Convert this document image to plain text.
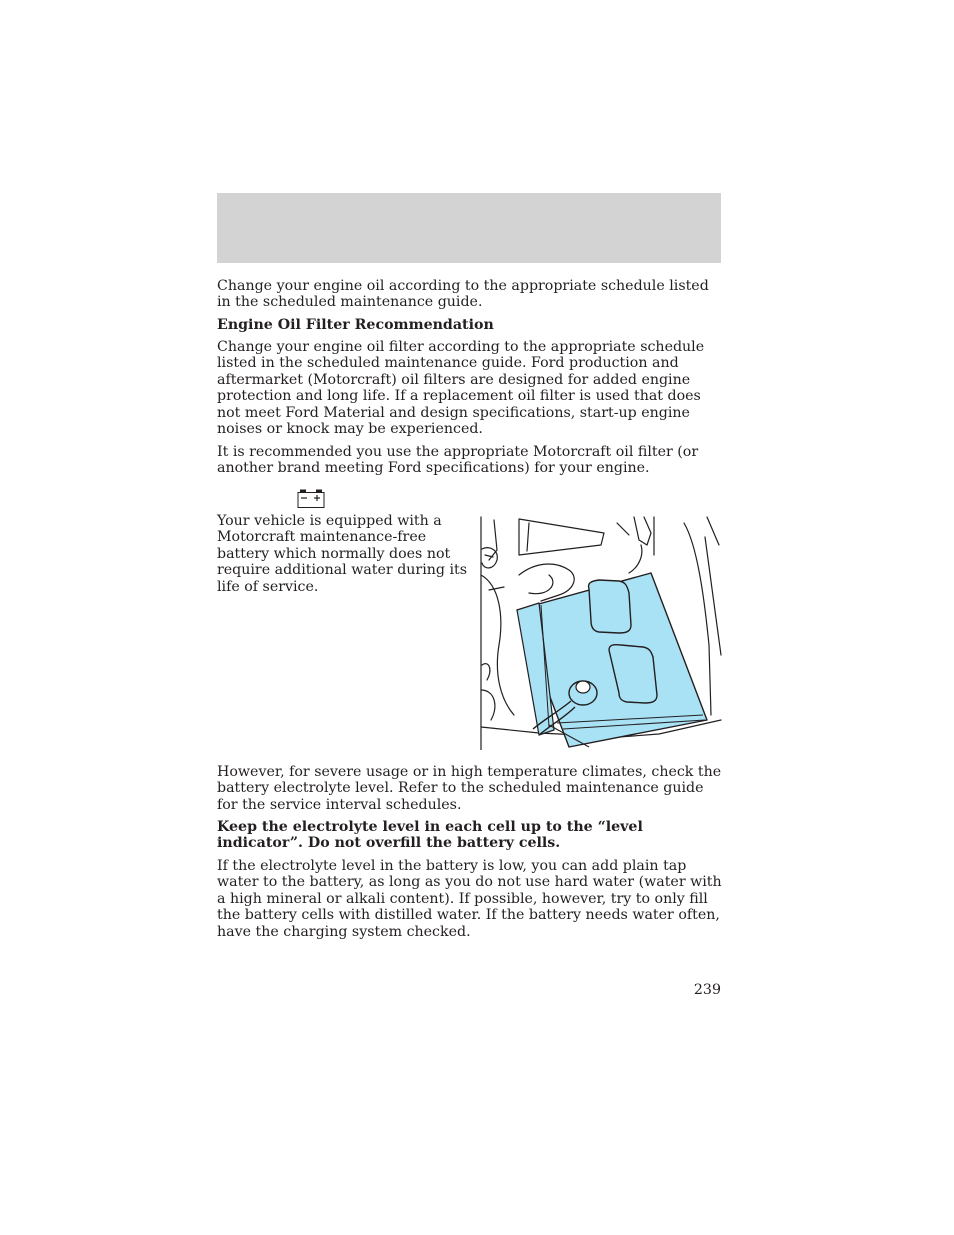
Change your engine oil according to the appropriate schedule listed in the scheduled maintenance guide.

Engine Oil Filter Recommendation

Change your engine oil filter according to the appropriate schedule listed in the scheduled maintenance guide. Ford production and aftermarket (Motorcraft) oil filters are designed for added engine protection and long life. If a replacement oil filter is used that does not meet Ford Material and design specifications, start-up engine noises or knock may be experienced.

It is recommended you use the appropriate Motorcraft oil filter (or another brand meeting Ford specifications) for your engine.

Your vehicle is equipped with a Motorcraft maintenance-free battery which normally does not require additional water during its life of service.

However, for severe usage or in high temperature climates, check the battery electrolyte level. Refer to the scheduled maintenance guide for the service interval schedules.

Keep the electrolyte level in each cell up to the “level indicator”. Do not overfill the battery cells.

If the electrolyte level in the battery is low, you can add plain tap water to the battery, as long as you do not use hard water (water with a high mineral or alkali content). If possible, however, try to only fill the battery cells with distilled water. If the battery needs water often, have the charging system checked.

239
